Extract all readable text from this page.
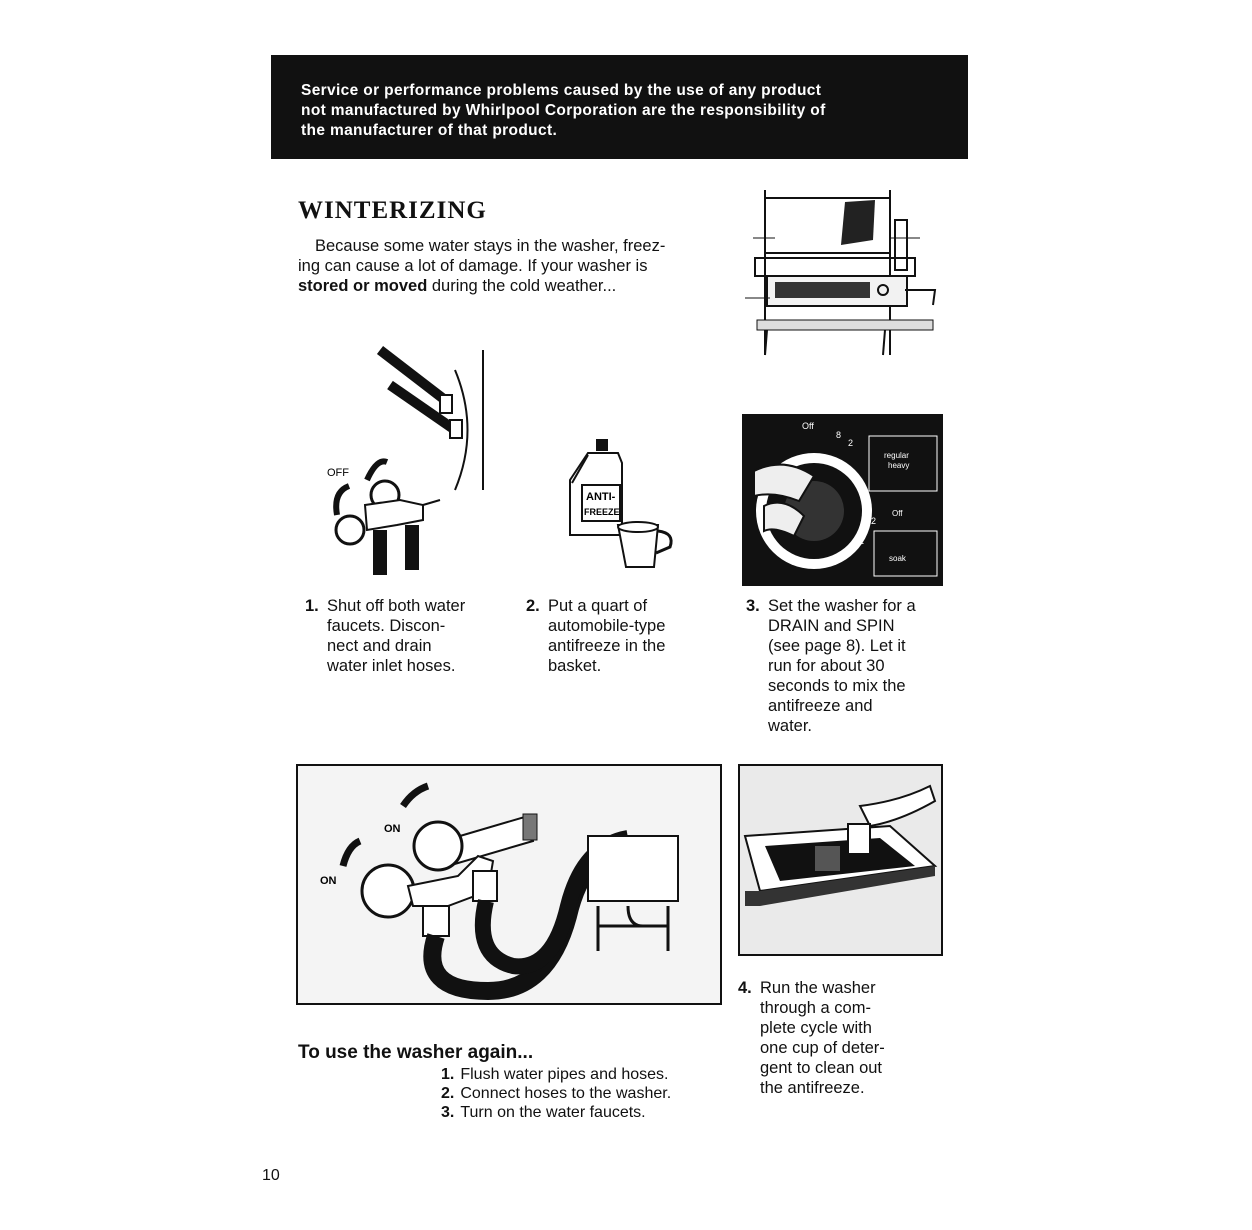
Service or performance problems caused by the use of any product
not manufactured by Whirlpool Corporation are the responsibility of
the manufacturer of that product.
WINTERIZING
Because some water stays in the washer, freez-
ing can cause a lot of damage. If your washer is
stored or moved during the cold weather...
OFF
ANTI-
FREEZE
Off
2
8
regular
heavy
Off
22
12
soak
1. Shut off both water
faucets. Discon-
nect and drain
water inlet hoses.
2. Put a quart of
automobile-type
antifreeze in the
basket.
3. Set the washer for a
DRAIN and SPIN
(see page 8). Let it
run for about 30
seconds to mix the
antifreeze and
water.
ON
ON
4. Run the washer
through a com-
plete cycle with
one cup of deter-
gent to clean out
the antifreeze.
To use the washer again...
1. Flush water pipes and hoses.
2. Connect hoses to the washer.
3. Turn on the water faucets.
10
